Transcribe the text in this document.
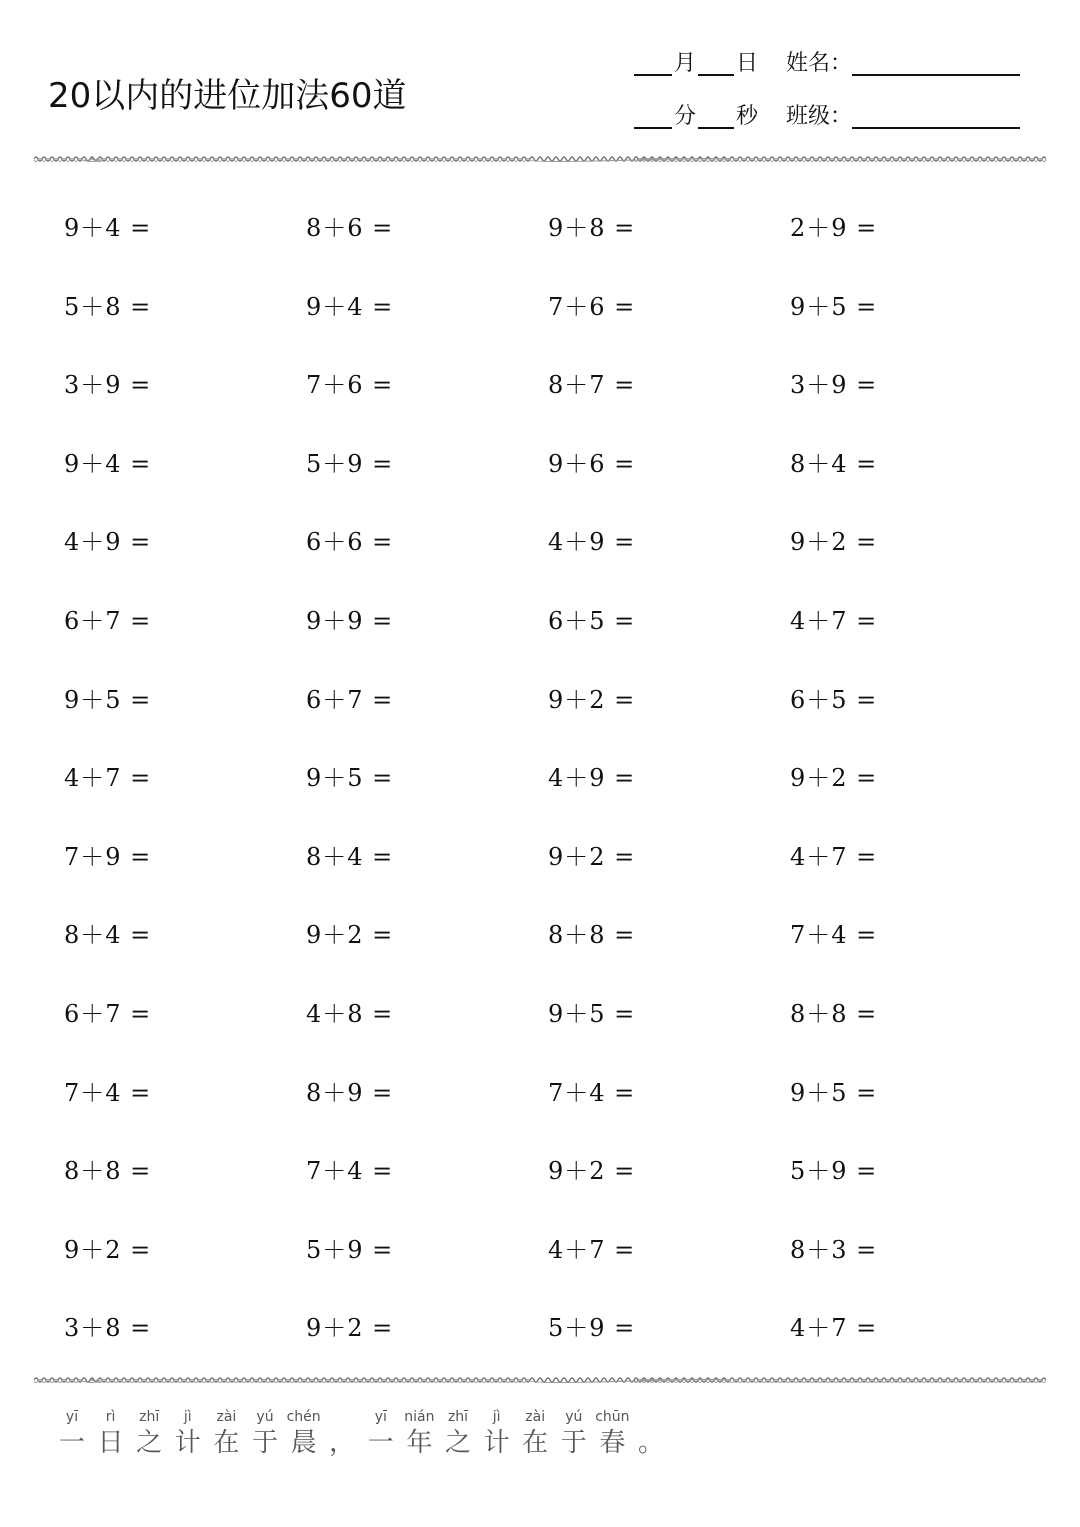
20以内的进位加法60道
月 日 姓名：
分 秒 班级：
9＋4 =	8＋6 =	9＋8 =	2＋9 =
5＋8 =	9＋4 =	7＋6 =	9＋5 =
3＋9 =	7＋6 =	8＋7 =	3＋9 =
9＋4 =	5＋9 =	9＋6 =	8＋4 =
4＋9 =	6＋6 =	4＋9 =	9＋2 =
6＋7 =	9＋9 =	6＋5 =	4＋7 =
9＋5 =	6＋7 =	9＋2 =	6＋5 =
4＋7 =	9＋5 =	4＋9 =	9＋2 =
7＋9 =	8＋4 =	9＋2 =	4＋7 =
8＋4 =	9＋2 =	8＋8 =	7＋4 =
6＋7 =	4＋8 =	9＋5 =	8＋8 =
7＋4 =	8＋9 =	7＋4 =	9＋5 =
8＋8 =	7＋4 =	9＋2 =	5＋9 =
9＋2 =	5＋9 =	4＋7 =	8＋3 =
3＋8 =	9＋2 =	5＋9 =	4＋7 =
yī
一
rì
日
zhī
之
jì
计
zài
在
yú
于
chén
晨 ，
yī
一
nián
年
zhī
之
jì
计
zài
在
yú
于
chūn
春 。
